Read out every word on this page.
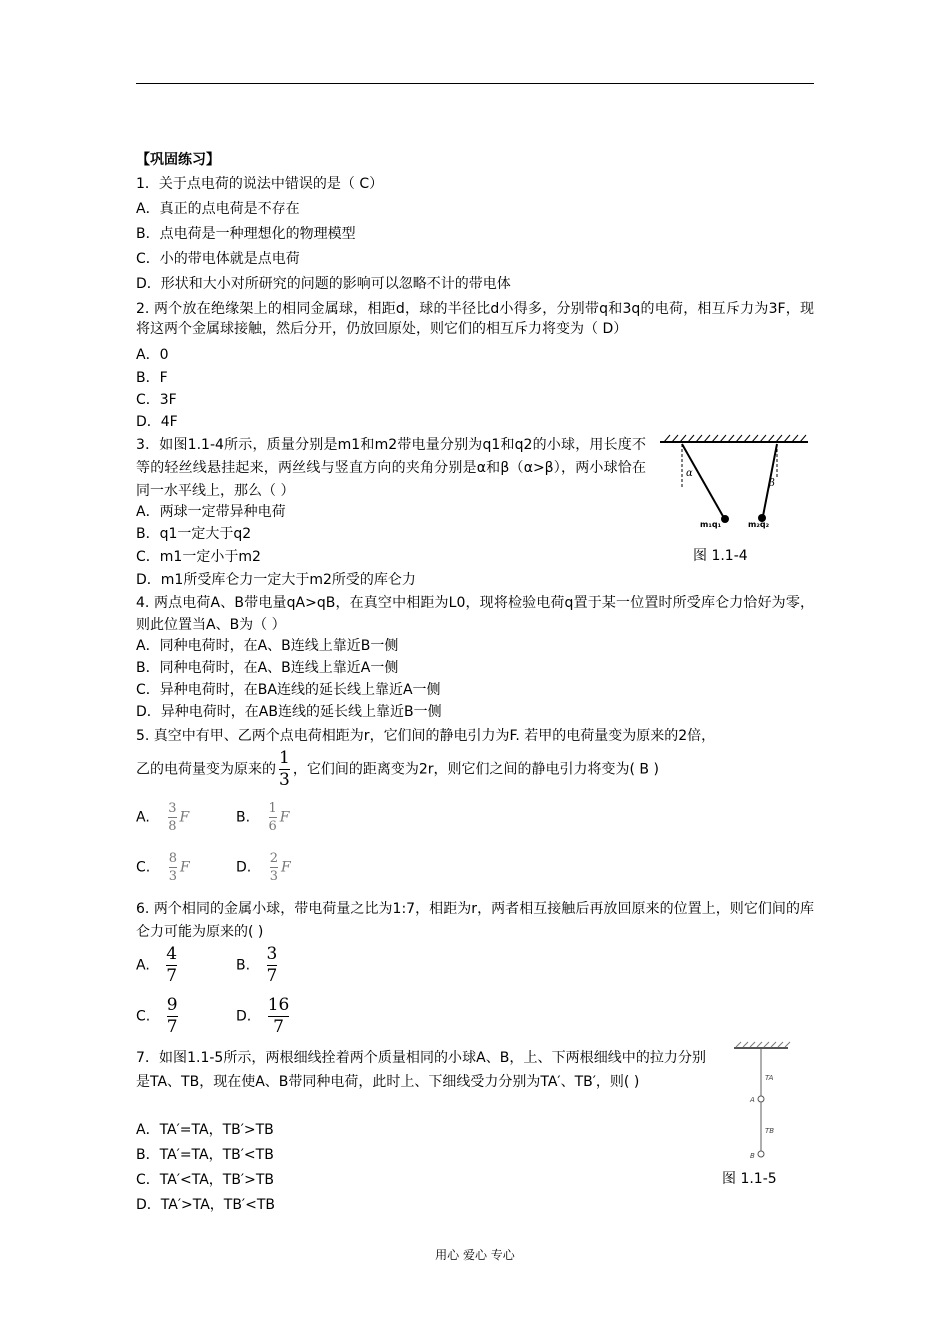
【巩固练习】
1．关于点电荷的说法中错误的是（ C）
A．真正的点电荷是不存在
B．点电荷是一种理想化的物理模型
C．小的带电体就是点电荷
D．形状和大小对所研究的问题的影响可以忽略不计的带电体
2. 两个放在绝缘架上的相同金属球，相距d，球的半径比d小得多，分别带q和3q的电荷，相互斥力为3F，现将这两个金属球接触，然后分开，仍放回原处，则它们的相互斥力将变为（ D）
A．0
B．F
C．3F
D．4F
3．如图1.1-4所示，质量分别是m1和m2带电量分别为q1和q2的小球，用长度不等的轻丝线悬挂起来，两丝线与竖直方向的夹角分别是α和β（α>β），两小球恰在同一水平线上，那么（ ）
A．两球一定带异种电荷
B．q1一定大于q2
C．m1一定小于m2
D．m1所受库仑力一定大于m2所受的库仑力
α
β
m₁q₁	m₂q₂
图 1.1-4
4. 两点电荷A、B带电量qA>qB，在真空中相距为L0，现将检验电荷q置于某一位置时所受库仑力恰好为零，则此位置当A、B为（ ）
A．同种电荷时，在A、B连线上靠近B一侧
B．同种电荷时，在A、B连线上靠近A一侧
C．异种电荷时，在BA连线的延长线上靠近A一侧
D．异种电荷时，在AB连线的延长线上靠近B一侧
5. 真空中有甲、乙两个点电荷相距为r，它们间的静电引力为F. 若甲的电荷量变为原来的2倍，
乙的电荷量变为原来的 $\frac{1}{3}$ ，它们间的距离变为2r，则它们之间的静电引力将变为( B )
A. $\frac{3}{8}$ F	B. $\frac{1}{6}$ F
C. $\frac{8}{3}$ F	D. $\frac{2}{3}$ F
6. 两个相同的金属小球，带电荷量之比为1:7，相距为r，两者相互接触后再放回原来的位置上，则它们间的库仑力可能为原来的( )
A. $\frac{4}{7}$	B. $\frac{3}{7}$
C. $\frac{9}{7}$	D. $\frac{16}{7}$
7．如图1.1-5所示，两根细线拴着两个质量相同的小球A、B，上、下两根细线中的拉力分别是TA、TB，现在使A、B带同种电荷，此时上、下细线受力分别为TA′、TB′，则( )
A．TA′=TA，TB′>TB
B．TA′=TA，TB′<TB
C．TA′<TA，TB′>TB
D．TA′>TA，TB′<TB
TA
A
TB
B
图 1.1-5
用心 爱心 专心
